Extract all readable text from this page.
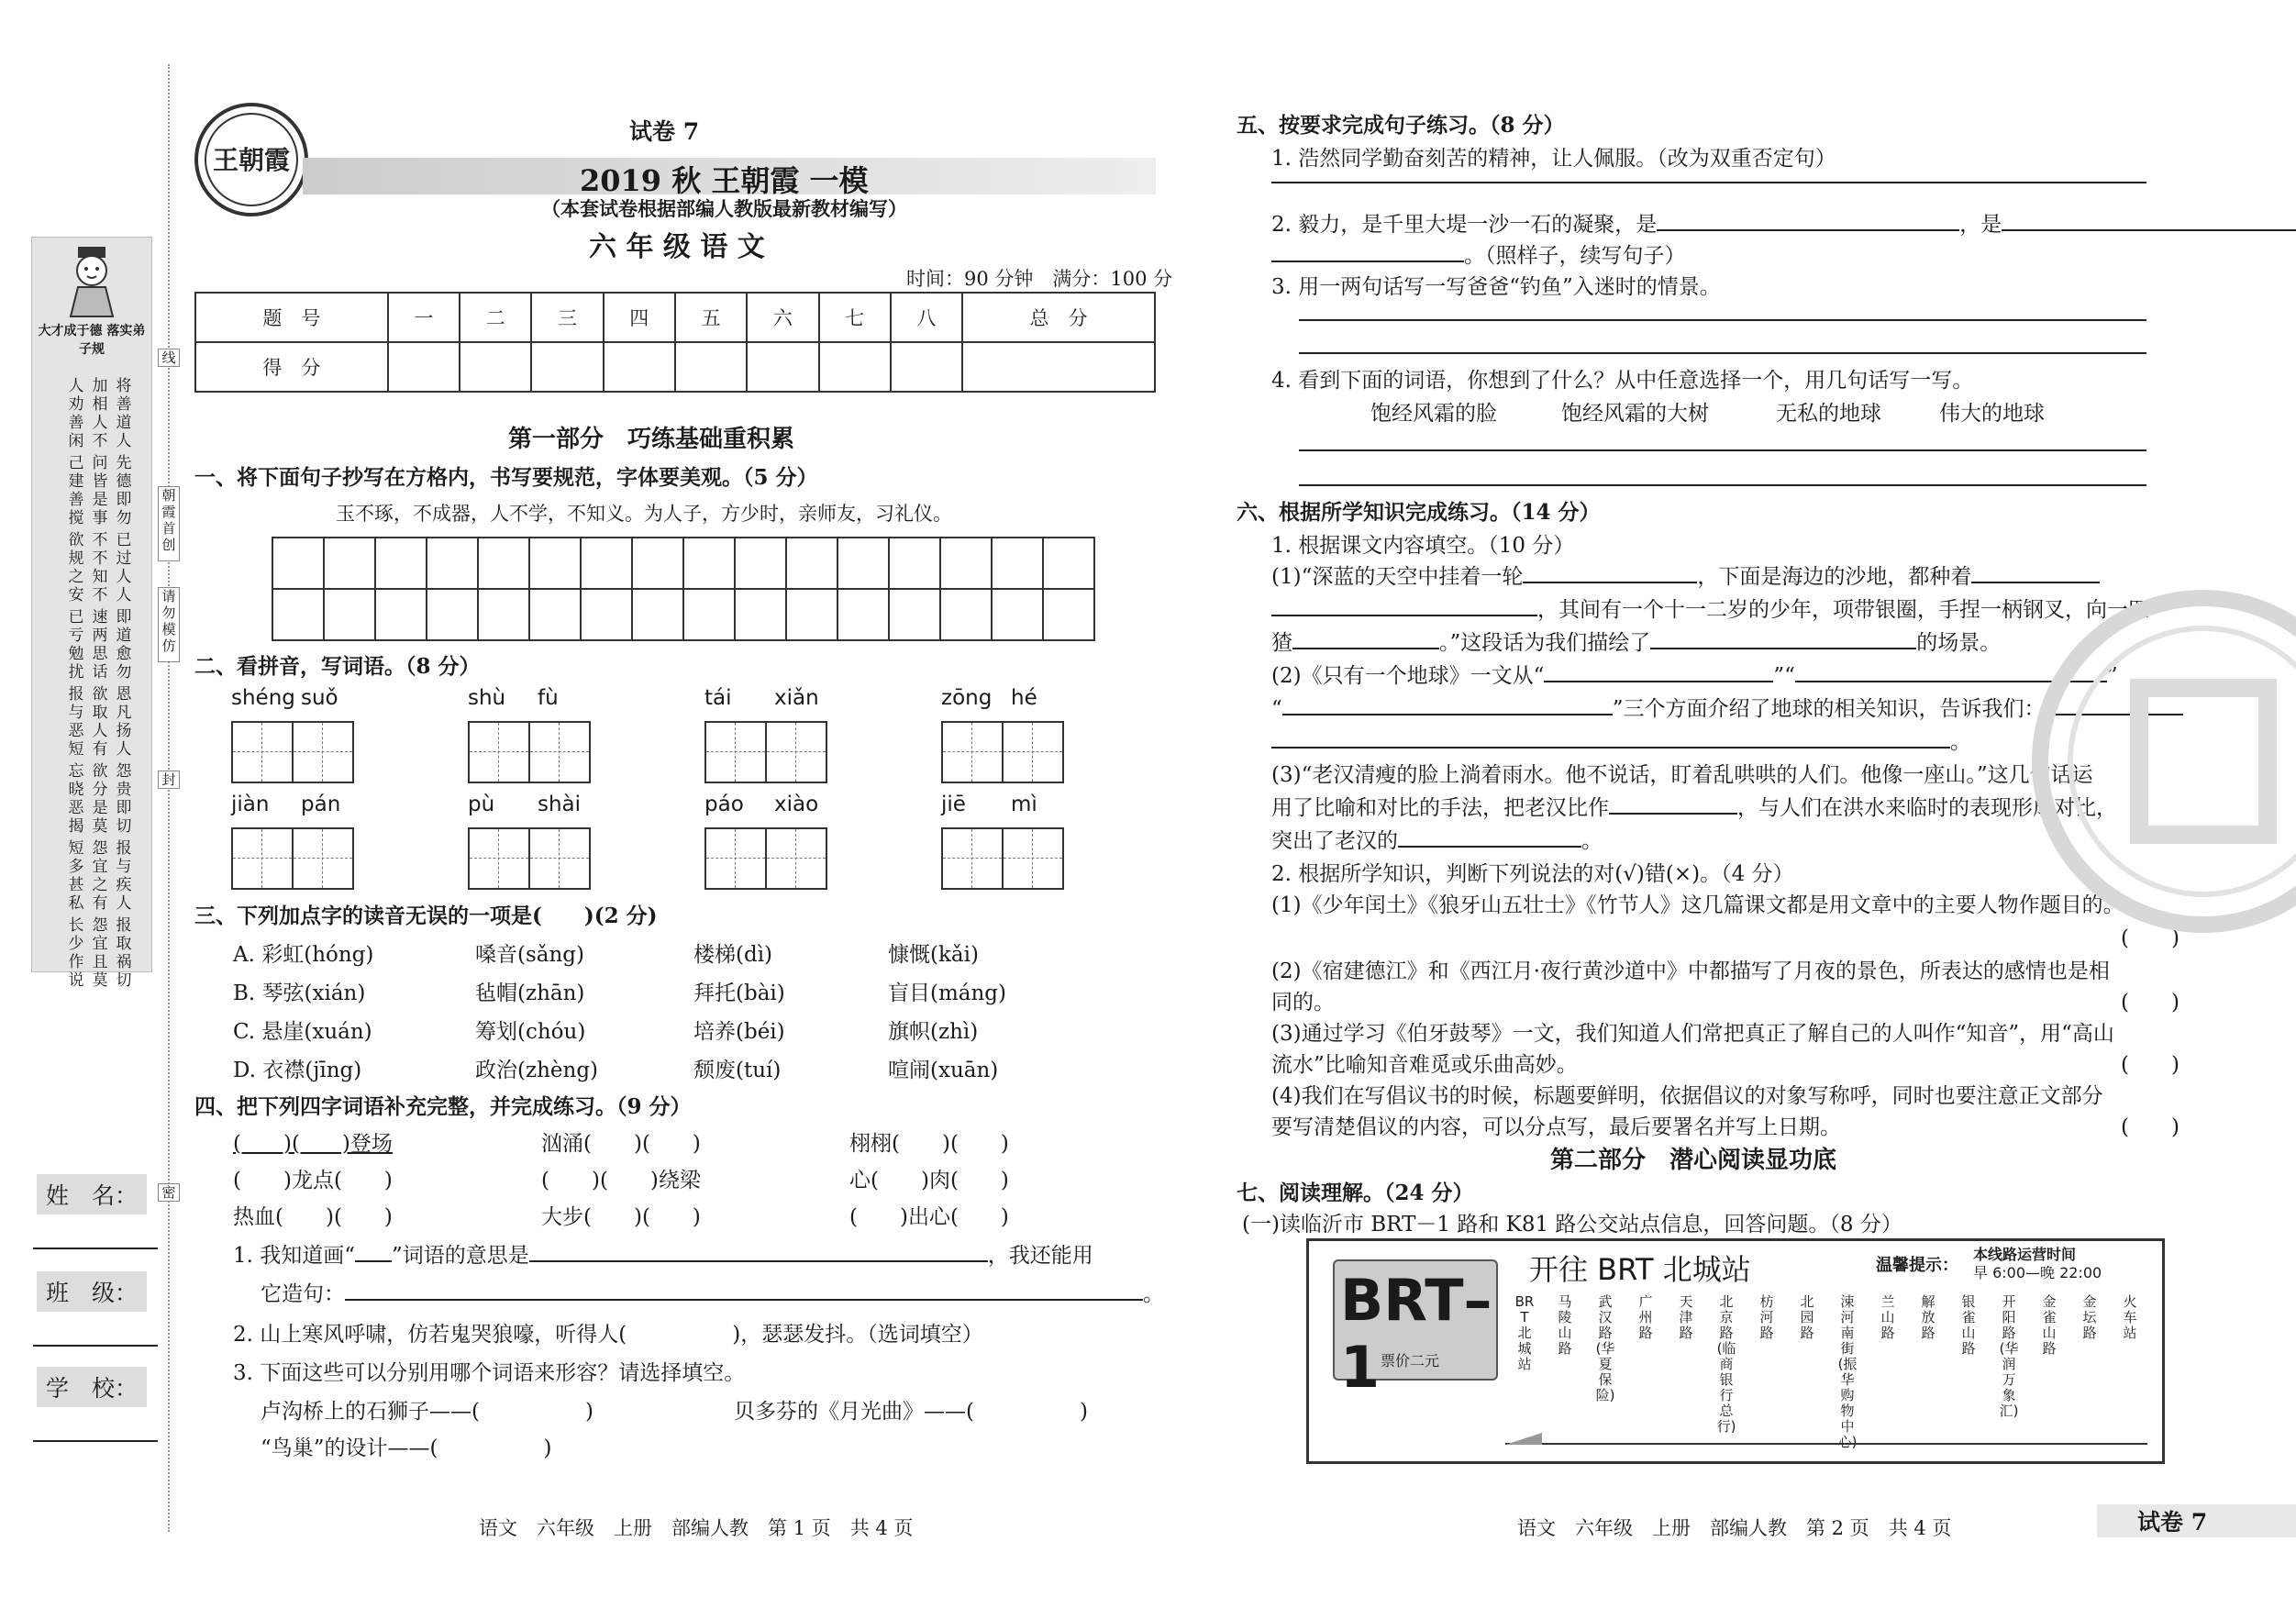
大才成于德 落实弟子规
将善道人
加相人不
人劝善闲
先德即勿
问皆是事
己建善搅
已过人人
不不知不
欲规之安
即道愈勿
速两思话
已亏勉扰
恩凡扬人
欲取人有
报与恶短
怨贵即切
欲分是莫
忘晓恶揭
报与疾人
怨宜之有
短多甚私
报取祸切
怨宜且莫
长少作说
线
朝霞首创
请勿模仿
封
密
姓　名：
班　级：
学　校：
王朝霞
试卷 7
2019 秋 王朝霞 一模
（本套试卷根据部编人教版最新教材编写）
六 年 级 语 文
时间：90 分钟　满分：100 分
题　号	一	二	三	四	五	六	七	八	总　分
得　分									
第一部分　巧练基础重积累
一、将下面句子抄写在方格内，书写要规范，字体要美观。（5 分）
玉不琢，不成器，人不学，不知义。为人子，方少时，亲师友，习礼仪。

二、看拼音，写词语。（8 分）
shéng suǒ	shù fù	tái xiǎn	zōng hé
jiàn pán	pù shài	páo xiào	jiē mì
三、下列加点字的读音无误的一项是(　　)(2 分)
A. 彩虹(hóng)	嗓音(sǎng)	楼梯(dì)	慷慨(kǎi)
B. 琴弦(xián)	毡帽(zhān)	拜托(bài)	盲目(máng)
C. 悬崖(xuán)	筹划(chóu)	培养(béi)	旗帜(zhì)
D. 衣襟(jīng)	政治(zhèng)	颓废(tuí)	喧闹(xuān)
四、把下列四字词语补充完整，并完成练习。（9 分）
(　　)(　　)登场	汹涌(　　)(　　)	栩栩(　　)(　　)
(　　)龙点(　　)	(　　)(　　)绕梁	心(　　)肉(　　)
热血(　　)(　　)	大步(　　)(　　)	(　　)出心(　　)
1. 我知道画“ ”词语的意思是	，我还能用
它造句：	。
2. 山上寒风呼啸，仿若鬼哭狼嚎，听得人(　　　　　)，瑟瑟发抖。（选词填空）
3. 下面这些可以分别用哪个词语来形容？请选择填空。
卢沟桥上的石狮子——(　　　　　)	贝多芬的《月光曲》——(　　　　　)
“鸟巢”的设计——(　　　　　)
语文　六年级　上册　部编人教　第 1 页　共 4 页
五、按要求完成句子练习。（8 分）
1. 浩然同学勤奋刻苦的精神，让人佩服。（改为双重否定句）
2. 毅力，是千里大堤一沙一石的凝聚，是	，是
。（照样子，续写句子）
3. 用一两句话写一写爸爸“钓鱼”入迷时的情景。
4. 看到下面的词语，你想到了什么？从中任意选择一个，用几句话写一写。
饱经风霜的脸	饱经风霜的大树	无私的地球	伟大的地球
六、根据所学知识完成练习。（14 分）
1. 根据课文内容填空。（10 分）
(1)“深蓝的天空中挂着一轮	，下面是海边的沙地，都种着
，其间有一个十一二岁的少年，项带银圈，手捏一柄钢叉，向一匹
猹	。”这段话为我们描绘了	的场景。
(2)《只有一个地球》一文从“	”“	”
“	”三个方面介绍了地球的相关知识，告诉我们：
。
(3)“老汉清瘦的脸上淌着雨水。他不说话，盯着乱哄哄的人们。他像一座山。”这几句话运
用了比喻和对比的手法，把老汉比作	，与人们在洪水来临时的表现形成对比，
突出了老汉的	。
2. 根据所学知识，判断下列说法的对(√)错(×)。（4 分）
(1)《少年闰土》《狼牙山五壮士》《竹节人》这几篇课文都是用文章中的主要人物作题目的。
(　　)
(2)《宿建德江》和《西江月·夜行黄沙道中》中都描写了月夜的景色，所表达的感情也是相
同的。	(　　)
(3)通过学习《伯牙鼓琴》一文，我们知道人们常把真正了解自己的人叫作“知音”，用“高山
流水”比喻知音难觅或乐曲高妙。	(　　)
(4)我们在写倡议书的时候，标题要鲜明，依据倡议的对象写称呼，同时也要注意正文部分
要写清楚倡议的内容，可以分点写，最后要署名并写上日期。	(　　)
第二部分　潜心阅读显功底
七、阅读理解。（24 分）
(一)读临沂市 BRT－1 路和 K81 路公交站点信息，回答问题。（8 分）
BRT–1 票价二元
开往 BRT 北城站	温馨提示：
本线路运营时间
早 6:00—晚 22:00
BRT北城站
马陵山路
武汉路(华夏保险)
广州路
天津路
北京路(临商银行总行)
枋河路
北园路
涑河南街(振华购物中心)
兰山路
解放路
银雀山路
开阳路(华润万象汇)
金雀山路
金坛路
火车站
语文　六年级　上册　部编人教　第 2 页　共 4 页	试卷 7
